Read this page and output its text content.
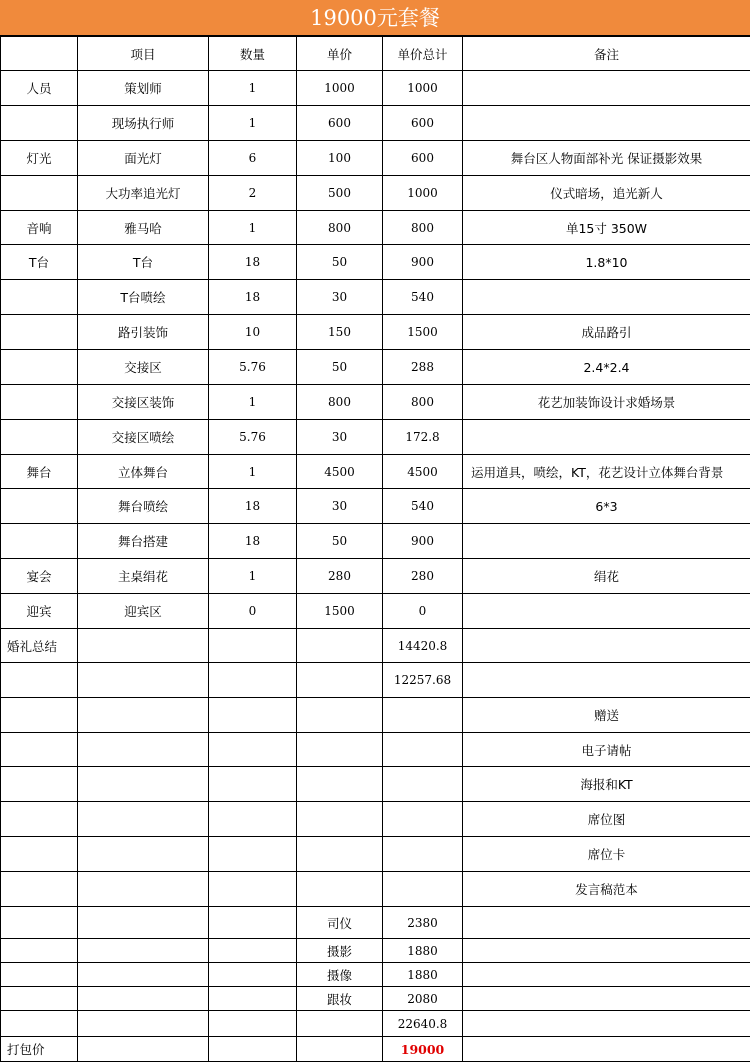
19000元套餐
	项目	数量	单价	单价总计	备注
人员	策划师	1	1000	1000	
	现场执行师	1	600	600	
灯光	面光灯	6	100	600	舞台区人物面部补光 保证摄影效果
	大功率追光灯	2	500	1000	仪式暗场，追光新人
音响	雅马哈	1	800	800	单15寸 350W
T台	T台	18	50	900	1.8*10
	T台喷绘	18	30	540	
	路引装饰	10	150	1500	成品路引
	交接区	5.76	50	288	2.4*2.4
	交接区装饰	1	800	800	花艺加装饰设计求婚场景
	交接区喷绘	5.76	30	172.8	
舞台	立体舞台	1	4500	4500	运用道具，喷绘，KT，花艺设计立体舞台背景
	舞台喷绘	18	30	540	6*3
	舞台搭建	18	50	900	
宴会	主桌绢花	1	280	280	绢花
迎宾	迎宾区	0	1500	0	
婚礼总结				14420.8	
				12257.68	
					赠送
					电子请帖
					海报和KT
					席位图
					席位卡
					发言稿范本
			司仪	2380	
			摄影	1880	
			摄像	1880	
			跟妆	2080	
				22640.8	
打包价				19000	
